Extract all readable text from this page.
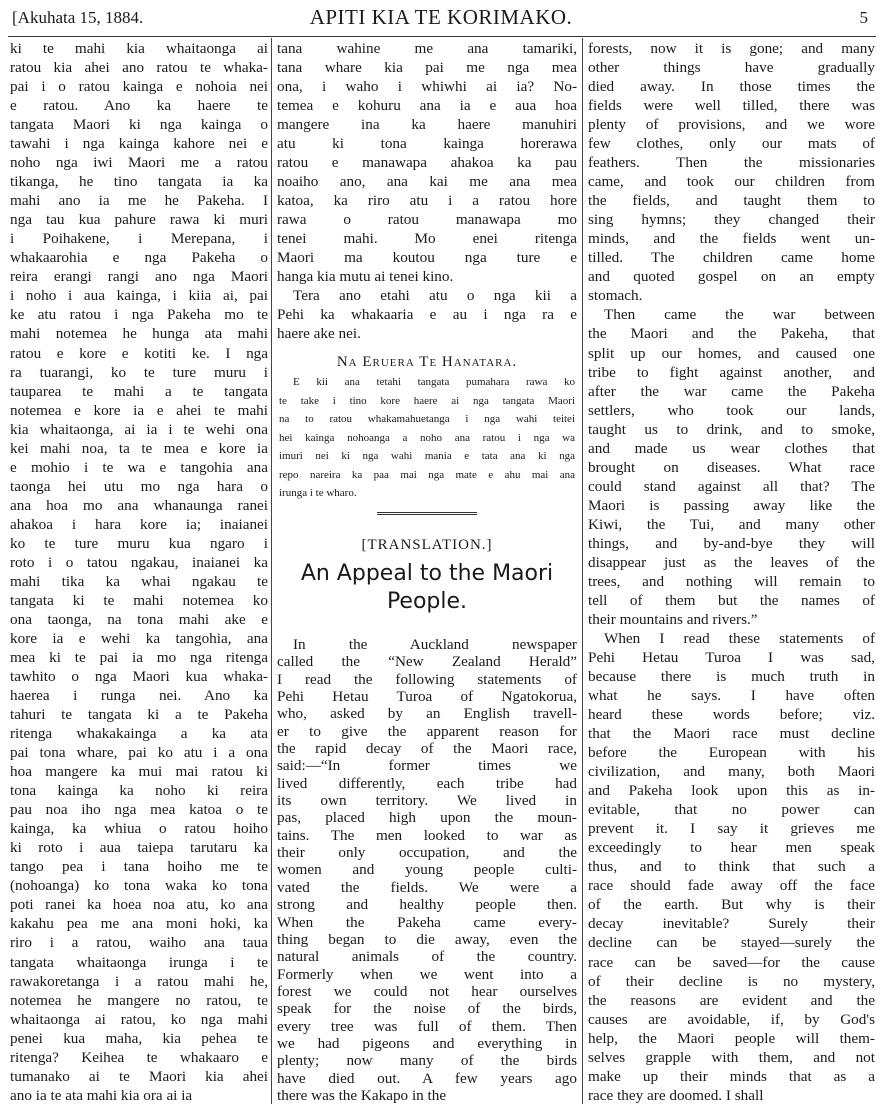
[Akuhata 15, 1884.	APITI KIA TE KORIMAKO.	5
ki te mahi kia whaitaonga ai
ratou kia ahei ano ratou te whaka-
pai i o ratou kainga e nohoia nei
e ratou. Ano ka haere te
tangata Maori ki nga kainga o
tawahi i nga kainga kahore nei e
noho nga iwi Maori me a ratou
tikanga, he tino tangata ia ka
mahi ano ia me he Pakeha. I
nga tau kua pahure rawa ki muri
i Poihakene, i Merepana, i
whakaarohia e nga Pakeha o
reira erangi rangi ano nga Maori
i noho i aua kainga, i kiia ai, pai
ke atu ratou i nga Pakeha mo te
mahi notemea he hunga ata mahi
ratou e kore e kotiti ke. I nga
ra tuarangi, ko te ture muru i
tauparea te mahi a te tangata
notemea e kore ia e ahei te mahi
kia whaitaonga, ai ia i te wehi ona
kei mahi noa, ta te mea e kore ia
e mohio i te wa e tangohia ana
taonga hei utu mo nga hara o
ana hoa mo ana whanaunga ranei
ahakoa i hara kore ia; inaianei
ko te ture muru kua ngaro i
roto i o tatou ngakau, inaianei ka
mahi tika ka whai ngakau te
tangata ki te mahi notemea ko
ona taonga, na tona mahi ake e
kore ia e wehi ka tangohia, ana
mea ki te pai ia mo nga ritenga
tawhito o nga Maori kua whaka-
haerea i runga nei. Ano ka
tahuri te tangata ki a te Pakeha
ritenga whakakainga a ka ata
pai tona whare, pai ko atu i a ona
hoa mangere ka mui mai ratou ki
tona kainga ka noho ki reira
pau noa iho nga mea katoa o te
kainga, ka whiua o ratou hoiho
ki roto i aua taiepa tarutaru ka
tango pea i tana hoiho me te
(nohoanga) ko tona waka ko tona
poti ranei ka hoea noa atu, ko ana
kakahu pea me ana moni hoki, ka
riro i a ratou, waiho ana taua
tangata whaitaonga irunga i te
rawakoretanga i a ratou mahi he,
notemea he mangere no ratou, te
whaitaonga ai ratou, ko nga mahi
penei kua maha, kia pehea te
ritenga? Keihea te whakaaro e
tumanako ai te Maori kia ahei
ano ia te ata mahi kia ora ai ia
tana wahine me ana tamariki,
tana whare kia pai me nga mea
ona, i waho i whiwhi ai ia? No-
temea e kohuru ana ia e aua hoa
mangere ina ka haere manuhiri
atu ki tona kainga horerawa
ratou e manawapa ahakoa ka pau
noaiho ano, ana kai me ana mea
katoa, ka riro atu i a ratou hore
rawa o ratou manawapa mo
tenei mahi. Mo enei ritenga
Maori ma koutou nga ture e
hanga kia mutu ai tenei kino.
Tera ano etahi atu o nga kii a
Pehi ka whakaaria e au i nga ra e
haere ake nei.
Na Eruera Te Hanatara.
E kii ana tetahi tangata pumahara rawa ko
te take i tino kore haere ai nga tangata Maori
na to ratou whakamahuetanga i nga wahi teitei
hei kainga nohoanga a noho ana ratou i nga wa
imuri nei ki nga wahi mania e tata ana ki nga
repo nareira ka paa mai nga mate e ahu mai ana
irunga i te wharo.
[TRANSLATION.]
An Appeal to the Maori
People.
In the Auckland newspaper
called the “New Zealand Herald”
I read the following statements of
Pehi Hetau Turoa of Ngatokorua,
who, asked by an English travell-
er to give the apparent reason for
the rapid decay of the Maori race,
said:—“In former times we
lived differently, each tribe had
its own territory. We lived in
pas, placed high upon the moun-
tains. The men looked to war as
their only occupation, and the
women and young people culti-
vated the fields. We were a
strong and healthy people then.
When the Pakeha came every-
thing began to die away, even the
natural animals of the country.
Formerly when we went into a
forest we could not hear ourselves
speak for the noise of the birds,
every tree was full of them. Then
we had pigeons and everything in
plenty; now many of the birds
have died out. A few years ago
there was the Kakapo in the
forests, now it is gone; and many
other things have gradually
died away. In those times the
fields were well tilled, there was
plenty of provisions, and we wore
few clothes, only our mats of
feathers. Then the missionaries
came, and took our children from
the fields, and taught them to
sing hymns; they changed their
minds, and the fields went un-
tilled. The children came home
and quoted gospel on an empty
stomach.
Then came the war between
the Maori and the Pakeha, that
split up our homes, and caused one
tribe to fight against another, and
after the war came the Pakeha
settlers, who took our lands,
taught us to drink, and to smoke,
and made us wear clothes that
brought on diseases. What race
could stand against all that? The
Maori is passing away like the
Kiwi, the Tui, and many other
things, and by-and-bye they will
disappear just as the leaves of the
trees, and nothing will remain to
tell of them but the names of
their mountains and rivers.”
When I read these statements of
Pehi Hetau Turoa I was sad,
because there is much truth in
what he says. I have often
heard these words before; viz.
that the Maori race must decline
before the European with his
civilization, and many, both Maori
and Pakeha look upon this as in-
evitable, that no power can
prevent it. I say it grieves me
exceedingly to hear men speak
thus, and to think that such a
race should fade away off the face
of the earth. But why is their
decay inevitable? Surely their
decline can be stayed—surely the
race can be saved—for the cause
of their decline is no mystery,
the reasons are evident and the
causes are avoidable, if, by God's
help, the Maori people will them-
selves grapple with them, and not
make up their minds that as a
race they are doomed. I shall
